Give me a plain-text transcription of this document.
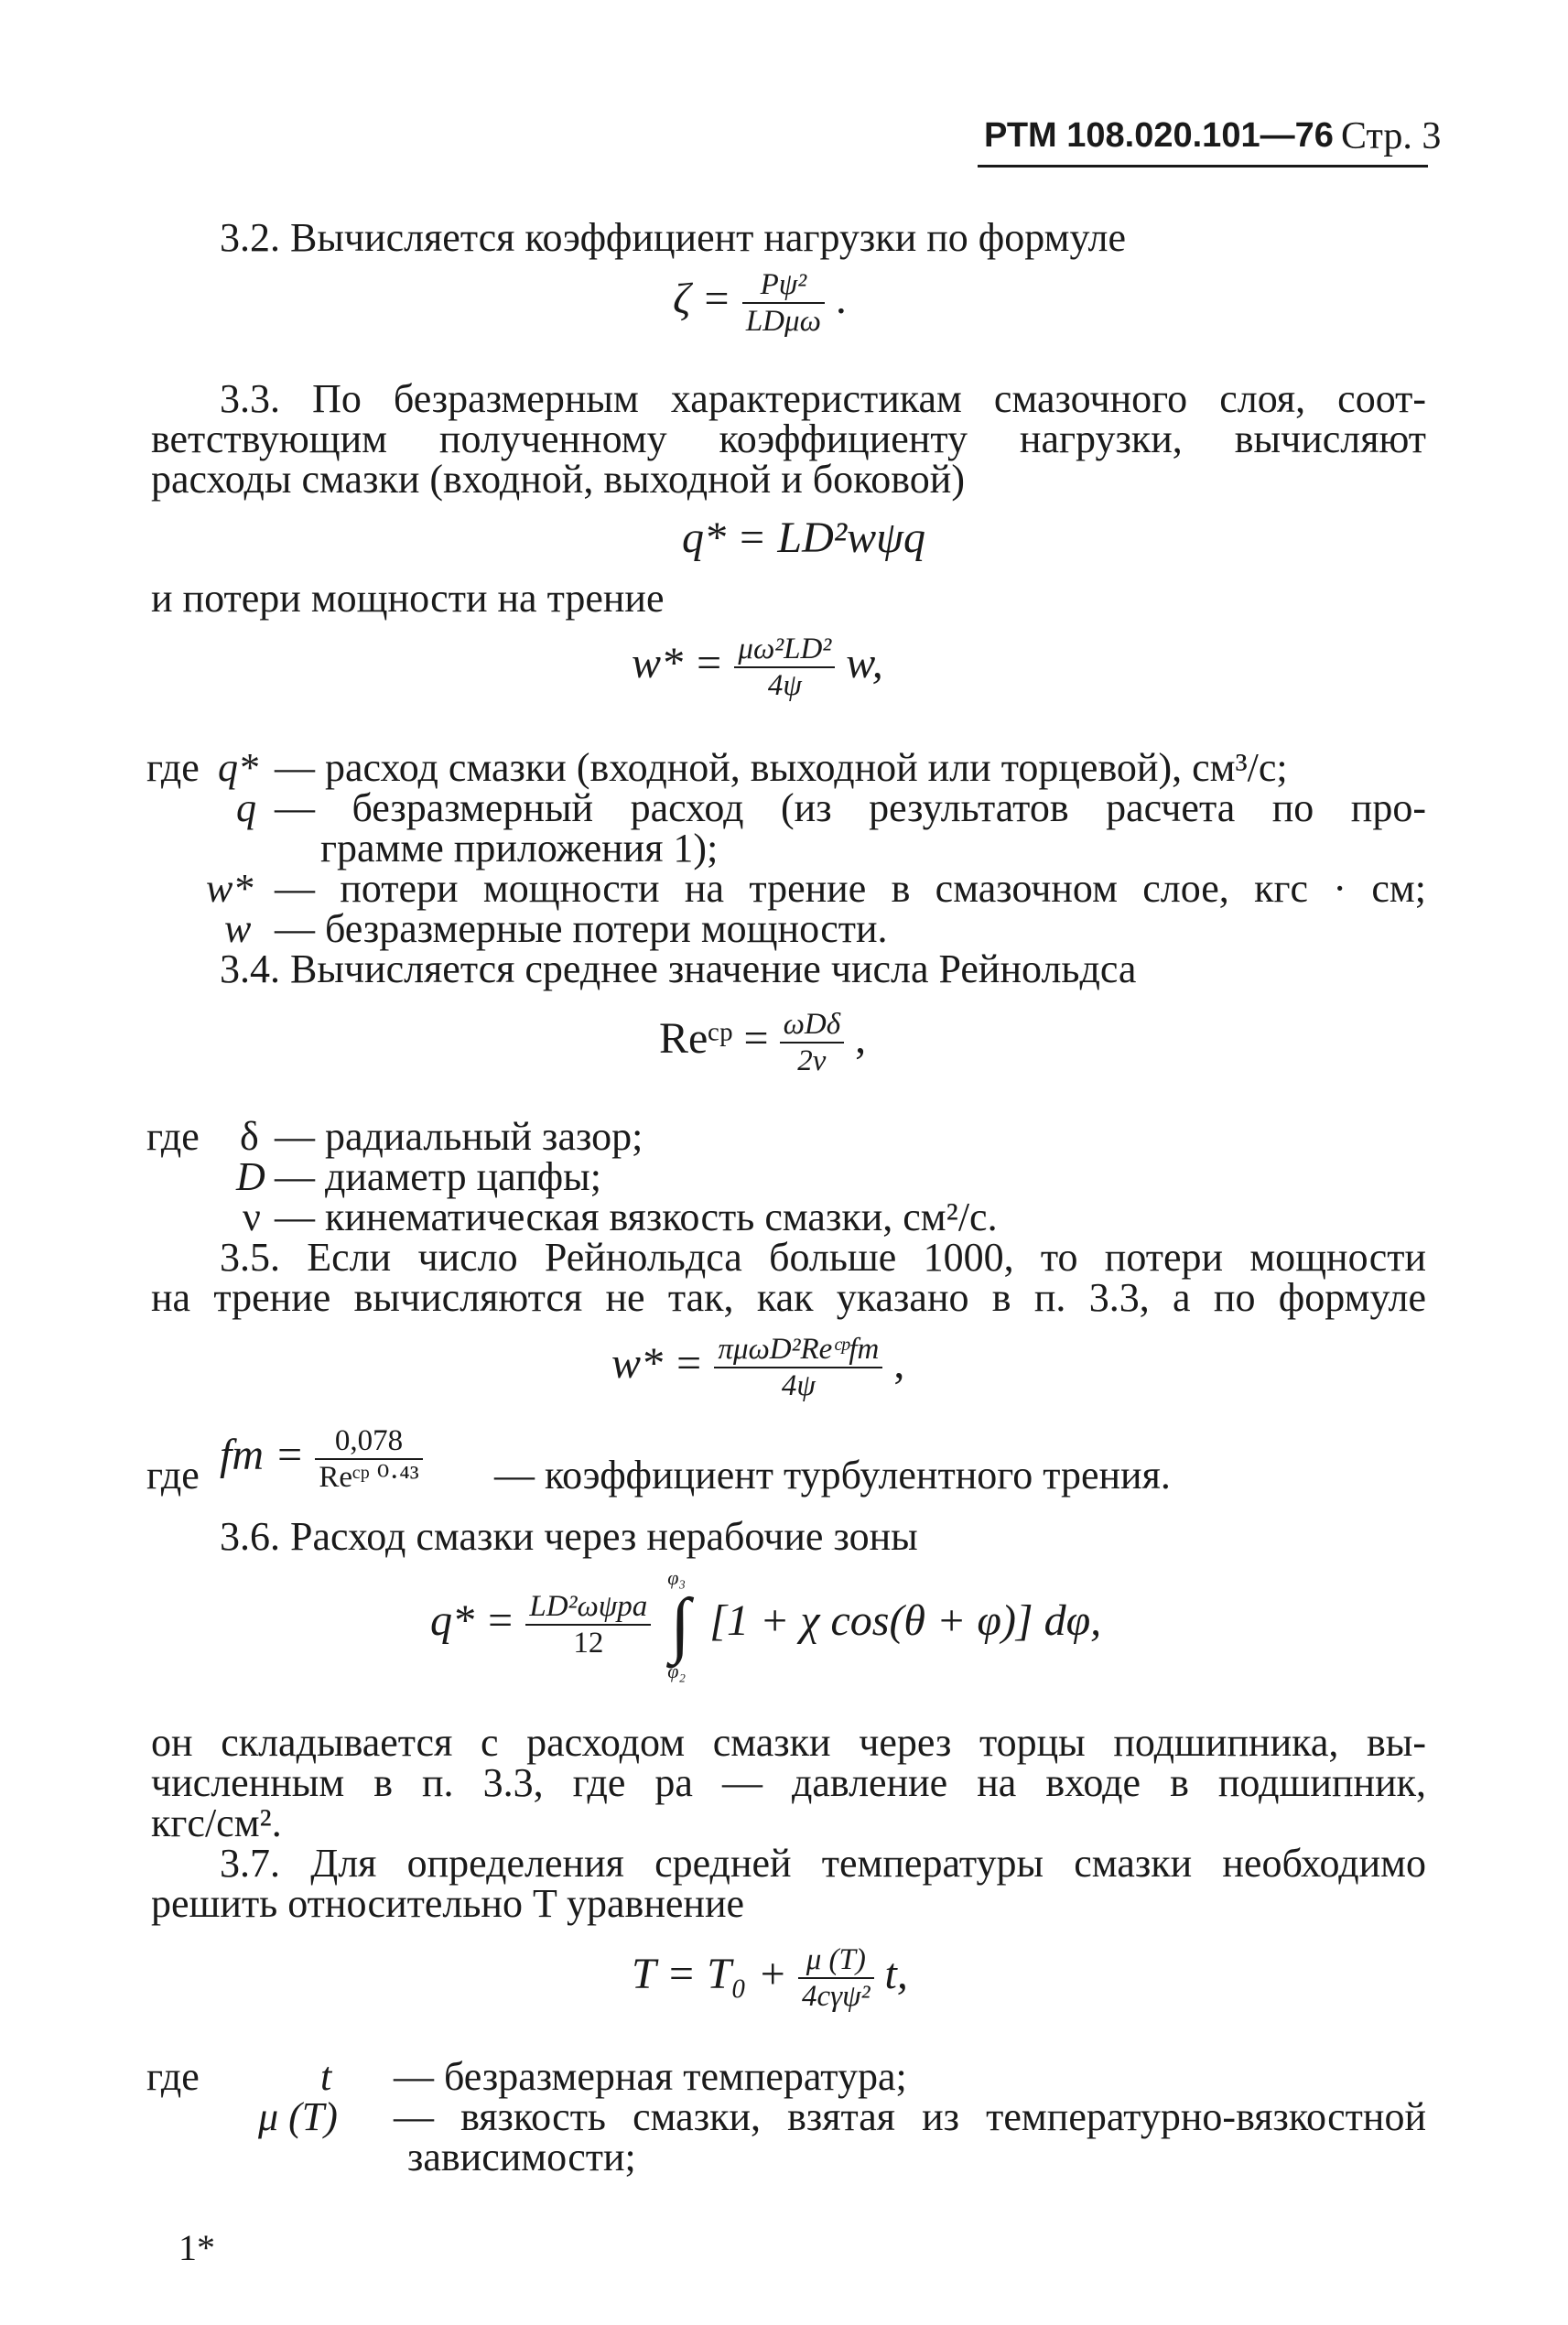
РТМ 108.020.101—76 Стр. 3
3.2. Вычисляется коэффициент нагрузки по формуле
$\zeta = \frac{\text{Pψ²}}{\text{LDμω}}$ .
3.3. По безразмерным характеристикам смазочного слоя, соот-
ветствующим полученному коэффициенту нагрузки, вычисляют
расходы смазки (входной, выходной и боковой)
q* = LD²wψq
и потери мощности на трение
$w* = \frac{\text{μω²LD²}}{4\psi} w$,
где q* — расход смазки (входной, выходной или торцевой), см³/с;
q — безразмерный расход (из результатов расчета по про-
грамме приложения 1);
w* — потери мощности на трение в смазочном слое, кгс · см;
w — безразмерные потери мощности.
3.4. Вычисляется среднее значение числа Рейнольдса
Reᶜᵖ = $\frac{\text{ωDδ}}{2\nu}$ ,
где δ — радиальный зазор;
D — диаметр цапфы;
ν — кинематическая вязкость смазки, см²/с.
3.5. Если число Рейнольдса больше 1000, то потери мощности
на трение вычисляются не так, как указано в п. 3.3, а по формуле
$w* = \frac{\text{πμωD²Reᶜᵖfт}}{4\psi}$ ,
где fт = $\frac{0,078}{\text{Reᶜᵖ ⁰·⁴³}}$ — коэффициент турбулентного трения.
3.6. Расход смазки через нерабочие зоны
$q* = \frac{\text{LD²ωψpa}}{12}$ ∫
φ₃
φ₂
[1 + χ cos(θ + φ)] dφ,
он складывается с расходом смазки через торцы подшипника, вы-
численным в п. 3.3, где pa — давление на входе в подшипник,
кгс/см².
3.7. Для определения средней температуры смазки необходимо
решить относительно T уравнение
$T = T_0 + \frac{\mu (T)}{\text{4cγψ²}} t$,
где	t — безразмерная температура;
μ (T) — вязкость смазки, взятая из температурно-вязкостной
зависимости;
1*
